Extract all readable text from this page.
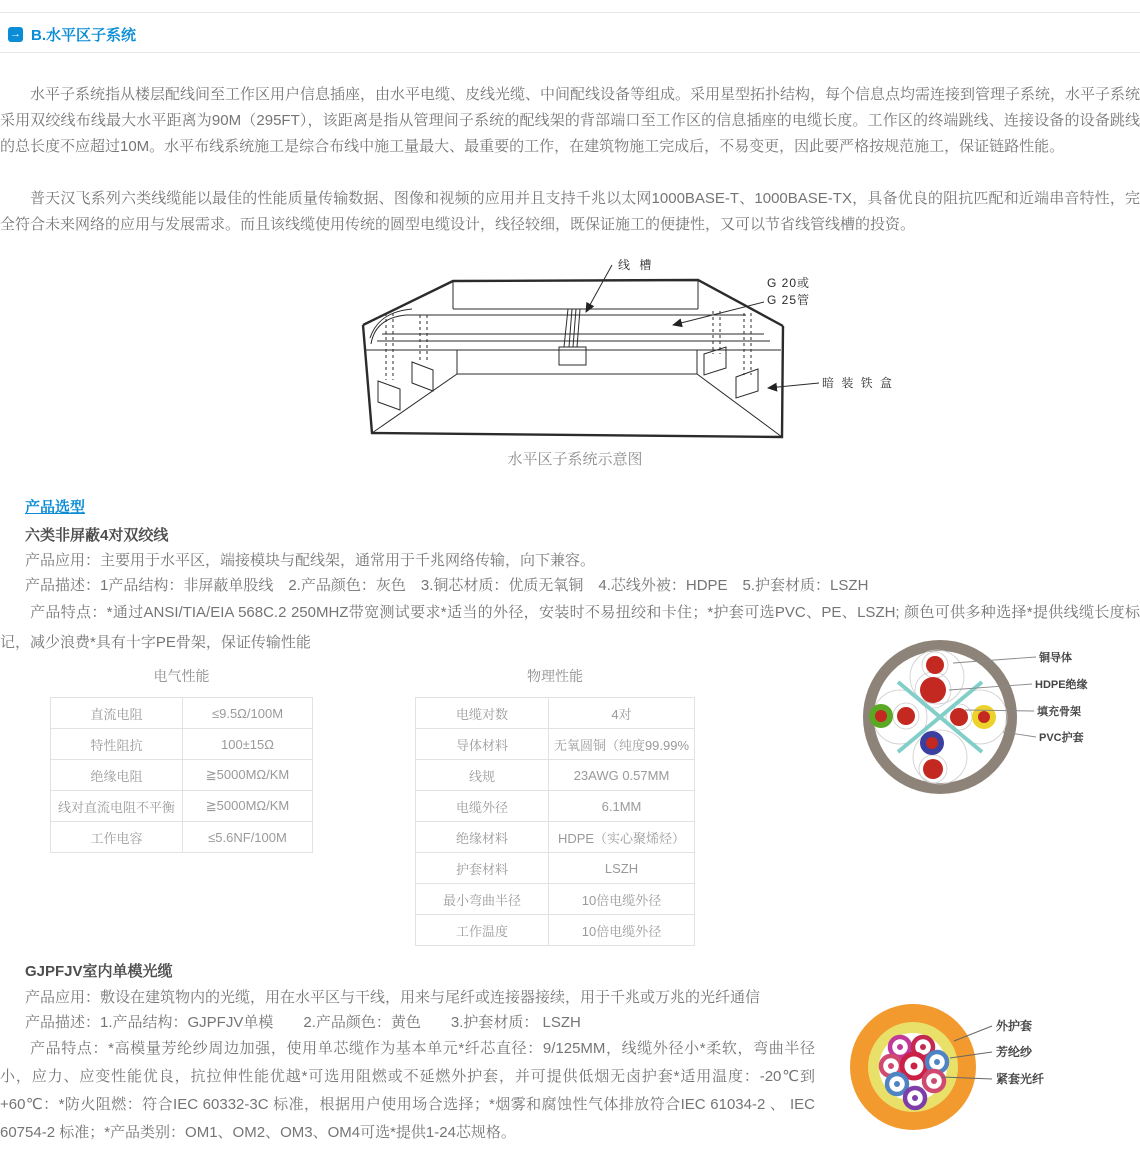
→ B.水平区子系统

水平子系统指从楼层配线间至工作区用户信息插座，由水平电缆、皮线光缆、中间配线设备等组成。采用星型拓扑结构，每个信息点均需连接到管理子系统，水平子系统采用双绞线布线最大水平距离为90M（295FT），该距离是指从管理间子系统的配线架的背部端口至工作区的信息插座的电缆长度。工作区的终端跳线、连接设备的设备跳线的总长度不应超过10M。水平布线系统施工是综合布线中施工量最大、最重要的工作，在建筑物施工完成后，不易变更，因此要严格按规范施工，保证链路性能。

普天汉飞系列六类线缆能以最佳的性能质量传输数据、图像和视频的应用并且支持千兆以太网1000BASE-T、1000BASE-TX，具备优良的阻抗匹配和近端串音特性，完全符合未来网络的应用与发展需求。而且该线缆使用传统的圆型电缆设计，线径较细，既保证施工的便捷性，又可以节省线管线槽的投资。

线 槽
G 20或
G 25管
暗 装 铁 盒
水平区子系统示意图
产品选型
六类非屏蔽4对双绞线

产品应用：主要用于水平区，端接模块与配线架，通常用于千兆网络传输，向下兼容。

产品描述：1产品结构：非屏蔽单股线　2.产品颜色：灰色　3.铜芯材质：优质无氧铜　4.芯线外被：HDPE　5.护套材质：LSZH

产品特点：*通过ANSI/TIA/EIA 568C.2 250MHZ带宽测试要求*适当的外径，安装时不易扭绞和卡住；*护套可选PVC、PE、LSZH; 颜色可供多种选择*提供线缆长度标记，减少浪费*具有十字PE骨架，保证传输性能

电气性能
直流电阻	≤9.5Ω/100M
特性阻抗	100±15Ω
绝缘电阻	≧5000MΩ/KM
线对直流电阻不平衡	≧5000MΩ/KM
工作电容	≤5.6NF/100M
物理性能
电缆对数	4对
导体材料	无氧圆铜（纯度99.99%
线规	23AWG 0.57MM
电缆外径	6.1MM
绝缘材料	HDPE（实心聚烯烃）
护套材料	LSZH
最小弯曲半径	10倍电缆外径
工作温度	10倍电缆外径
铜导体
HDPE绝缘
填充骨架
PVC护套
GJPFJV室内单模光缆

产品应用：敷设在建筑物内的光缆，用在水平区与干线，用来与尾纤或连接器接续，用于千兆或万兆的光纤通信

产品描述：1.产品结构：GJPFJV单模　　2.产品颜色：黄色　　3.护套材质： LSZH

产品特点：*高模量芳纶纱周边加强，使用单芯缆作为基本单元*纤芯直径：9/125MM，线缆外径小*柔软，弯曲半径小，应力、应变性能优良，抗拉伸性能优越*可选用阻燃或不延燃外护套，并可提供低烟无卤护套*适用温度：-20℃到+60℃：*防火阻燃：符合IEC 60332-3C 标准，根据用户使用场合选择；*烟雾和腐蚀性气体排放符合IEC 61034-2 、 IEC 60754-2 标准；*产品类别：OM1、OM2、OM3、OM4可选*提供1-24芯规格。

外护套
芳纶纱
紧套光纤
